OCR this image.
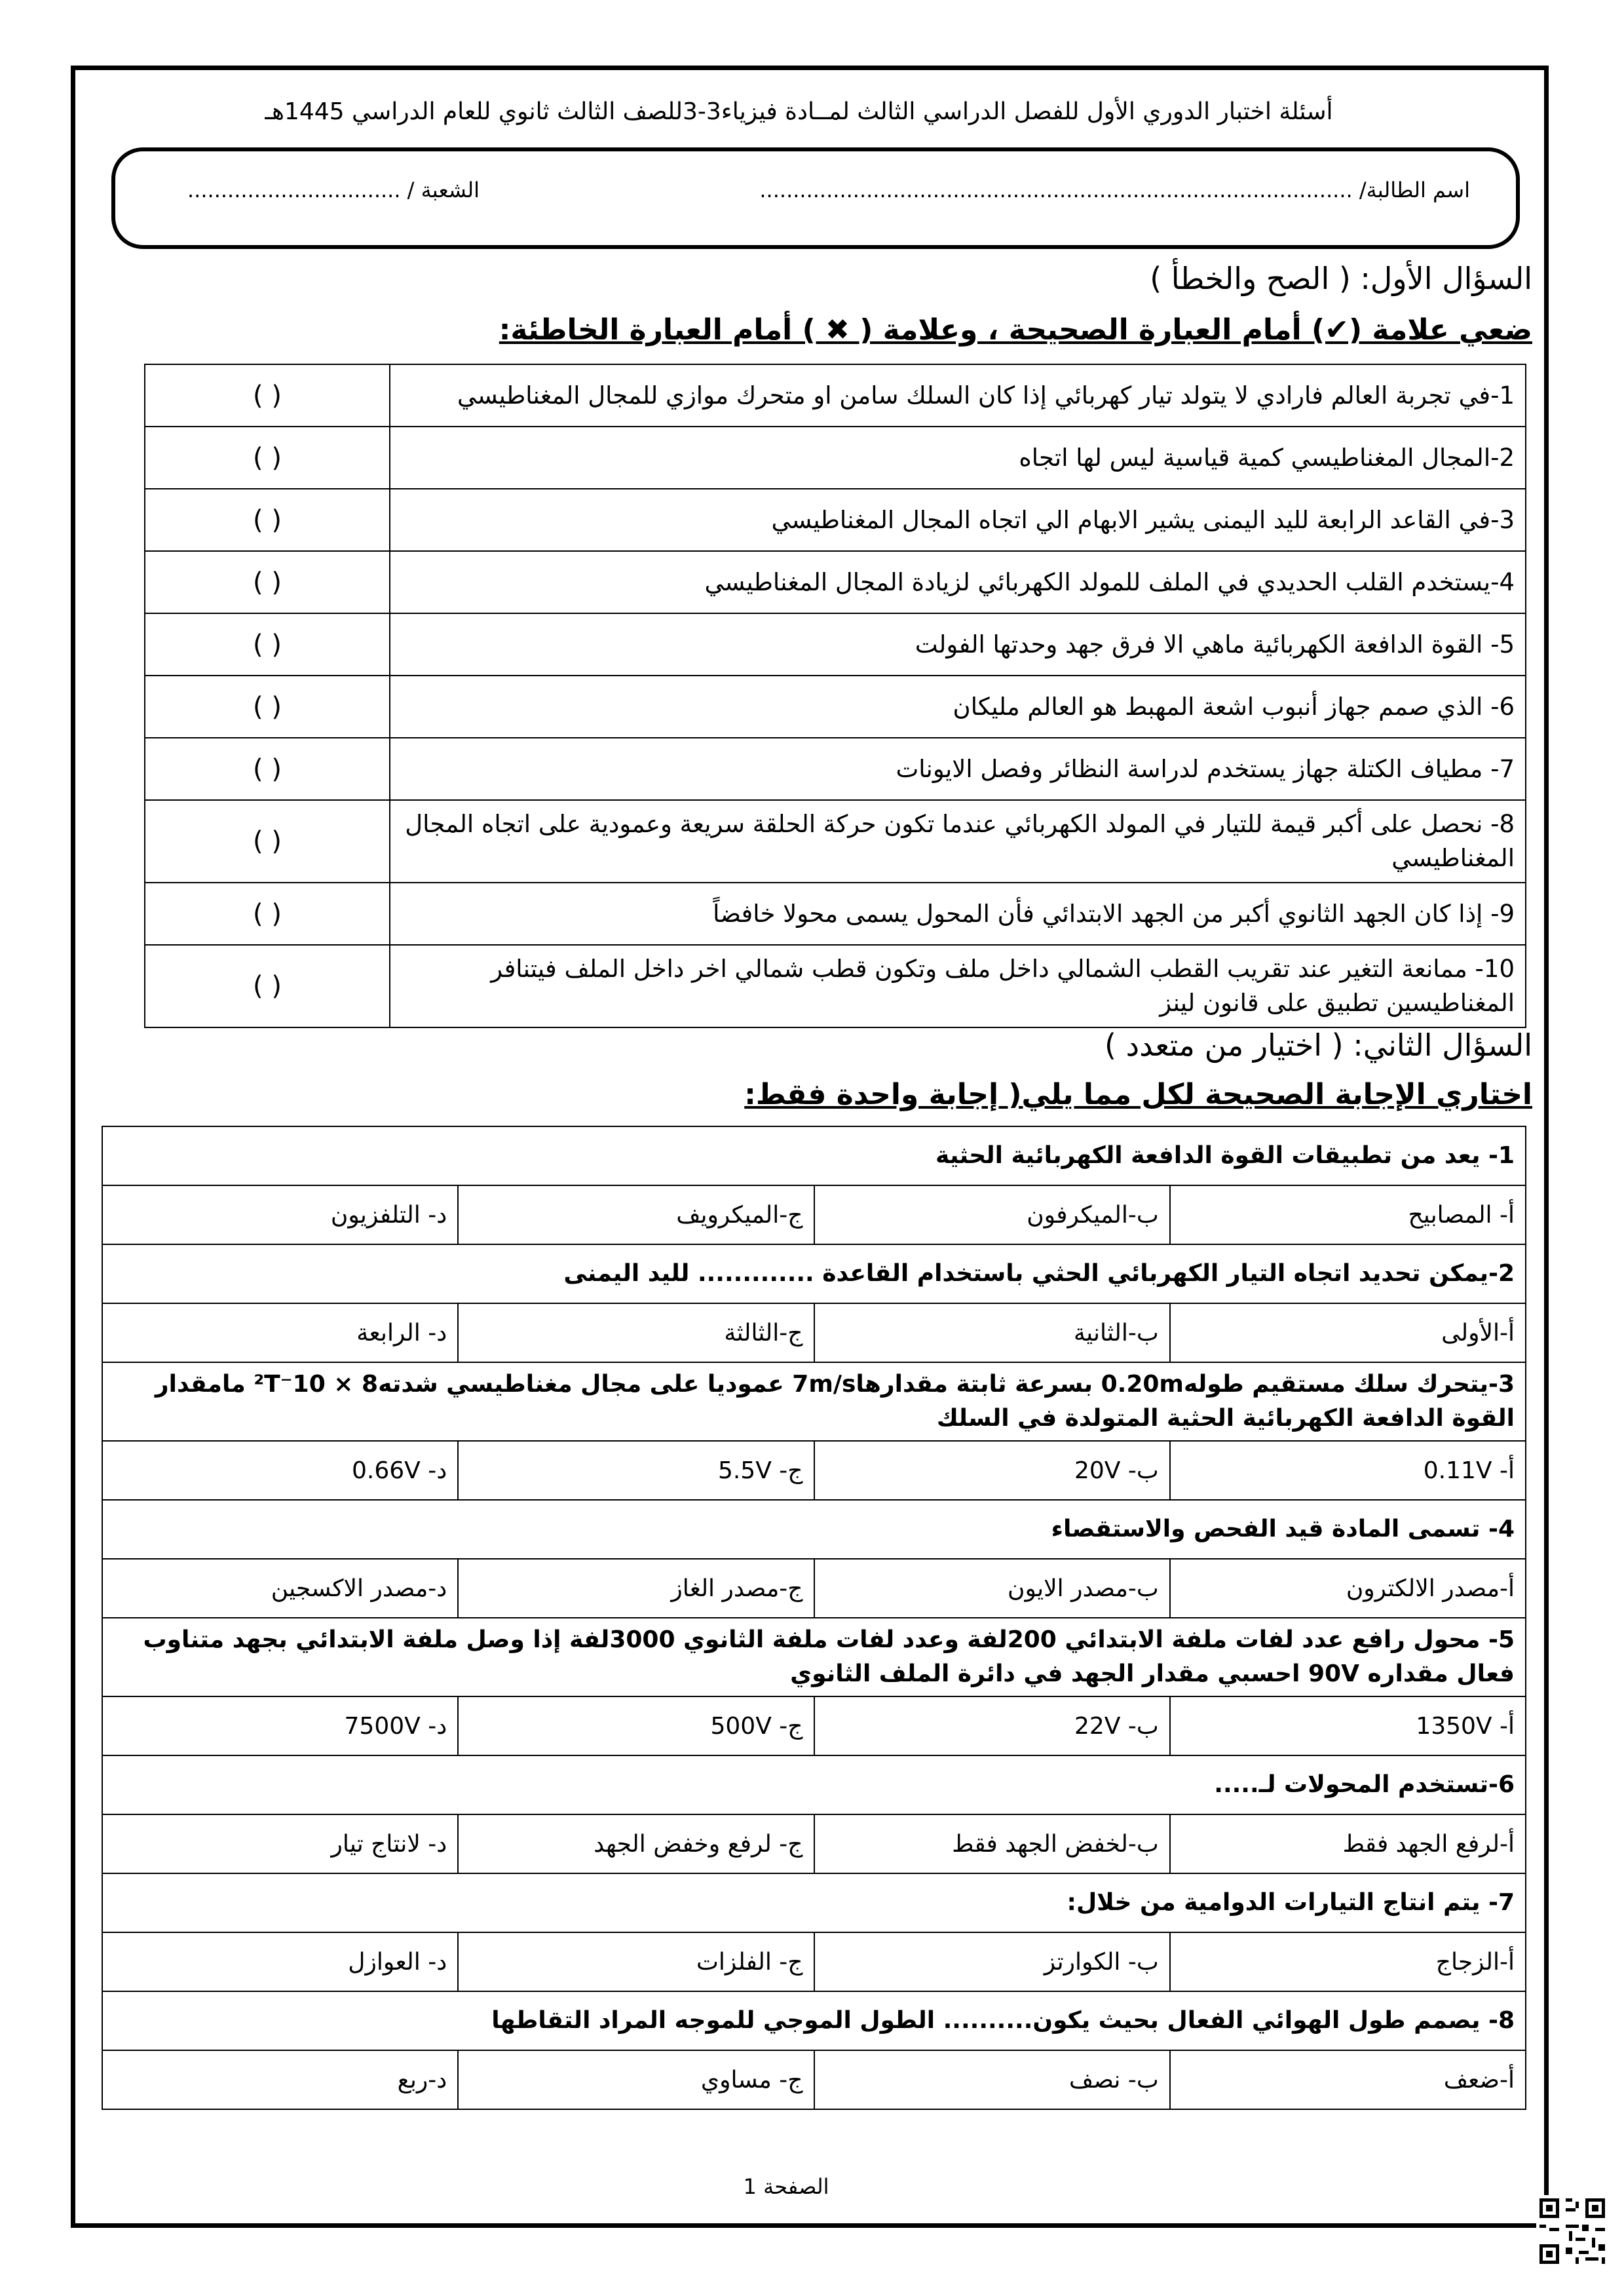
أسئلة اختبار الدوري الأول للفصل الدراسي الثالث لمــادة فيزياء3-3للصف الثالث ثانوي للعام الدراسي 1445هـ
اسم الطالبة/ .........................................................................................
الشعبة / ................................
السؤال الأول: ( الصح والخطأ )
ضعي علامة (✔) أمام العبارة الصحيحة ، وعلامة ( ✖ ) أمام العبارة الخاطئة:
1-في تجربة العالم فارادي لا يتولد تيار كهربائي إذا كان السلك سامن او متحرك موازي للمجال المغناطيسي	( )
2-المجال المغناطيسي كمية قياسية ليس لها اتجاه	( )
3-في القاعد الرابعة لليد اليمنى يشير الابهام الي اتجاه المجال المغناطيسي	( )
4-يستخدم القلب الحديدي في الملف للمولد الكهربائي لزيادة المجال المغناطيسي	( )
5- القوة الدافعة الكهربائية ماهي الا فرق جهد وحدتها الفولت	( )
6- الذي صمم جهاز أنبوب اشعة المهبط هو العالم مليكان	( )
7- مطياف الكتلة جهاز يستخدم لدراسة النظائر وفصل الايونات	( )
8- نحصل على أكبر قيمة للتيار في المولد الكهربائي عندما تكون حركة الحلقة سريعة وعمودية على اتجاه المجال المغناطيسي	( )
9- إذا كان الجهد الثانوي أكبر من الجهد الابتدائي فأن المحول يسمى محولا خافضاً	( )
10- ممانعة التغير عند تقريب القطب الشمالي داخل ملف وتكون قطب شمالي اخر داخل الملف فيتنافر المغناطيسين تطبيق على قانون لينز	( )
السؤال الثاني: ( اختيار من متعدد )
اختاري الإجابة الصحيحة لكل مما يلي( إجابة واحدة فقط:
1- يعد من تطبيقات القوة الدافعة الكهربائية الحثية			
أ- المصابيح	ب-الميكرفون	ج-الميكرويف	د- التلفزيون
2-يمكن تحديد اتجاه التيار الكهربائي الحثي باستخدام القاعدة ............. لليد اليمنى			
أ-الأولى	ب-الثانية	ج-الثالثة	د- الرابعة
3-يتحرك سلك مستقيم طوله0.20m بسرعة ثابتة مقدارها7m/s عموديا على مجال مغناطيسي شدته8 × 10⁻²T مامقدار القوة الدافعة الكهربائية الحثية المتولدة في السلك			
أ- 0.11V	ب- 20V	ج- 5.5V	د- 0.66V
4- تسمى المادة قيد الفحص والاستقصاء			
أ-مصدر الالكترون	ب-مصدر الايون	ج-مصدر الغاز	د-مصدر الاكسجين
5- محول رافع عدد لفات ملفة الابتدائي 200لفة وعدد لفات ملفة الثانوي 3000لفة إذا وصل ملفة الابتدائي بجهد متناوب فعال مقداره 90V احسبي مقدار الجهد في دائرة الملف الثانوي			
أ- 1350V	ب- 22V	ج- 500V	د- 7500V
6-تستخدم المحولات لـ.....			
أ-لرفع الجهد فقط	ب-لخفض الجهد فقط	ج- لرفع وخفض الجهد	د- لانتاج تيار
7- يتم انتاج التيارات الدوامية من خلال:			
أ-الزجاج	ب- الكوارتز	ج- الفلزات	د- العوازل
8- يصمم طول الهوائي الفعال بحيث يكون.......... الطول الموجي للموجه المراد التقاطها			
أ-ضعف	ب- نصف	ج- مساوي	د-ربع
الصفحة 1
